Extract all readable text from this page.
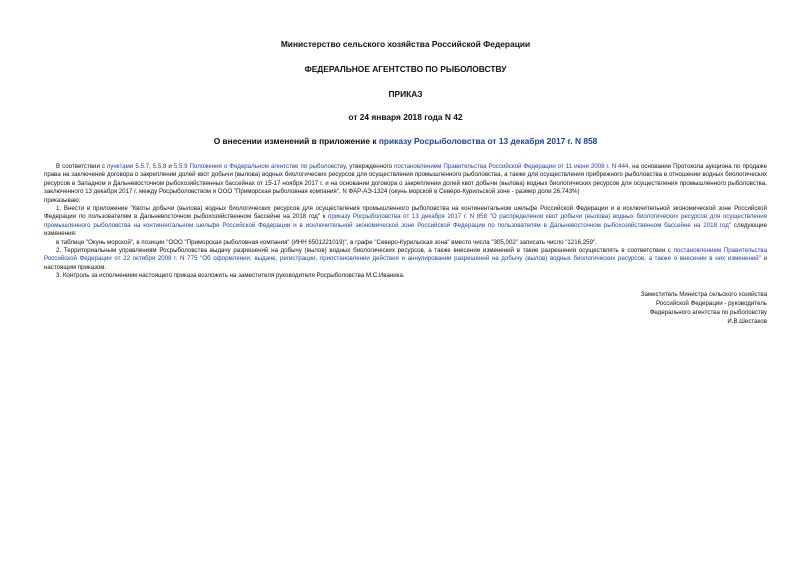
Министерство сельского хозяйства Российской Федерации
ФЕДЕРАЛЬНОЕ АГЕНТСТВО ПО РЫБОЛОВСТВУ
ПРИКАЗ
от 24 января 2018 года N 42
О внесении изменений в приложение к приказу Росрыболовства от 13 декабря 2017 г. N 858

В соответствии с пунктами 5.5.7, 5.5.8 и 5.5.9 Положения о Федеральном агентстве по рыболовству, утвержденного постановлением Правительства Российской Федерации от 11 июня 2008 г. N 444, на основании Протокола аукциона по продаже права на заключение договора о закреплении долей квот добычи (вылова) водных биологических ресурсов для осуществления промышленного рыболовства, а также для осуществления прибрежного рыболовства в отношении водных биологических ресурсов в Западном и Дальневосточном рыбохозяйственных бассейнах от 15-17 ноября 2017 г. и на основании договора о закреплении долей квот добычи (вылова) водных биологических ресурсов для осуществления промышленного рыболовства, заключенного 13 декабря 2017 г. между Росрыболовством и ООО "Приморская рыболовная компания", N ФАР-АЭ-1324 (окунь морской в Северо-Курильской зоне - размер доли 26,743%)

приказываю:

1. Внести в приложение "Квоты добычи (вылова) водных биологических ресурсов для осуществления промышленного рыболовства на континентальном шельфе Российской Федерации и в исключительной экономической зоне Российской Федерации по пользователям в Дальневосточном рыбохозяйственном бассейне на 2018 год" к приказу Росрыболовства от 13 декабря 2017 г. N 858 "О распределении квот добычи (вылова) водных биологических ресурсов для осуществления промышленного рыболовства на континентальном шельфе Российской Федерации и в исключительной экономической зоне Российской Федерации по пользователям в Дальневосточном рыбохозяйственном бассейне на 2018 год" следующие изменения:

в таблице "Окунь морской", в позиции "ООО "Приморская рыболовная компания" (ИНН 6501221019)", в графе "Северо-Курильская зона" вместо числа "305,002" записать число "1216,259".

2. Территориальным управлениям Росрыболовства выдачу разрешений на добычу (вылов) водных биологических ресурсов, а также внесение изменений в такие разрешения осуществлять в соответствии с постановлением Правительства Российской Федерации от 22 октября 2008 г. N 775 "Об оформлении, выдаче, регистрации, приостановлении действия и аннулировании разрешений на добычу (вылов) водных биологических ресурсов, а также о внесении в них изменений" и настоящим приказом.

3. Контроль за исполнением настоящего приказа возложить на заместителя руководителя Росрыболовства М.С.Иваника.

Заместитель Министра сельского хозяйства
Российской Федерации - руководитель
Федерального агентства по рыболовству
И.В.Шестаков
